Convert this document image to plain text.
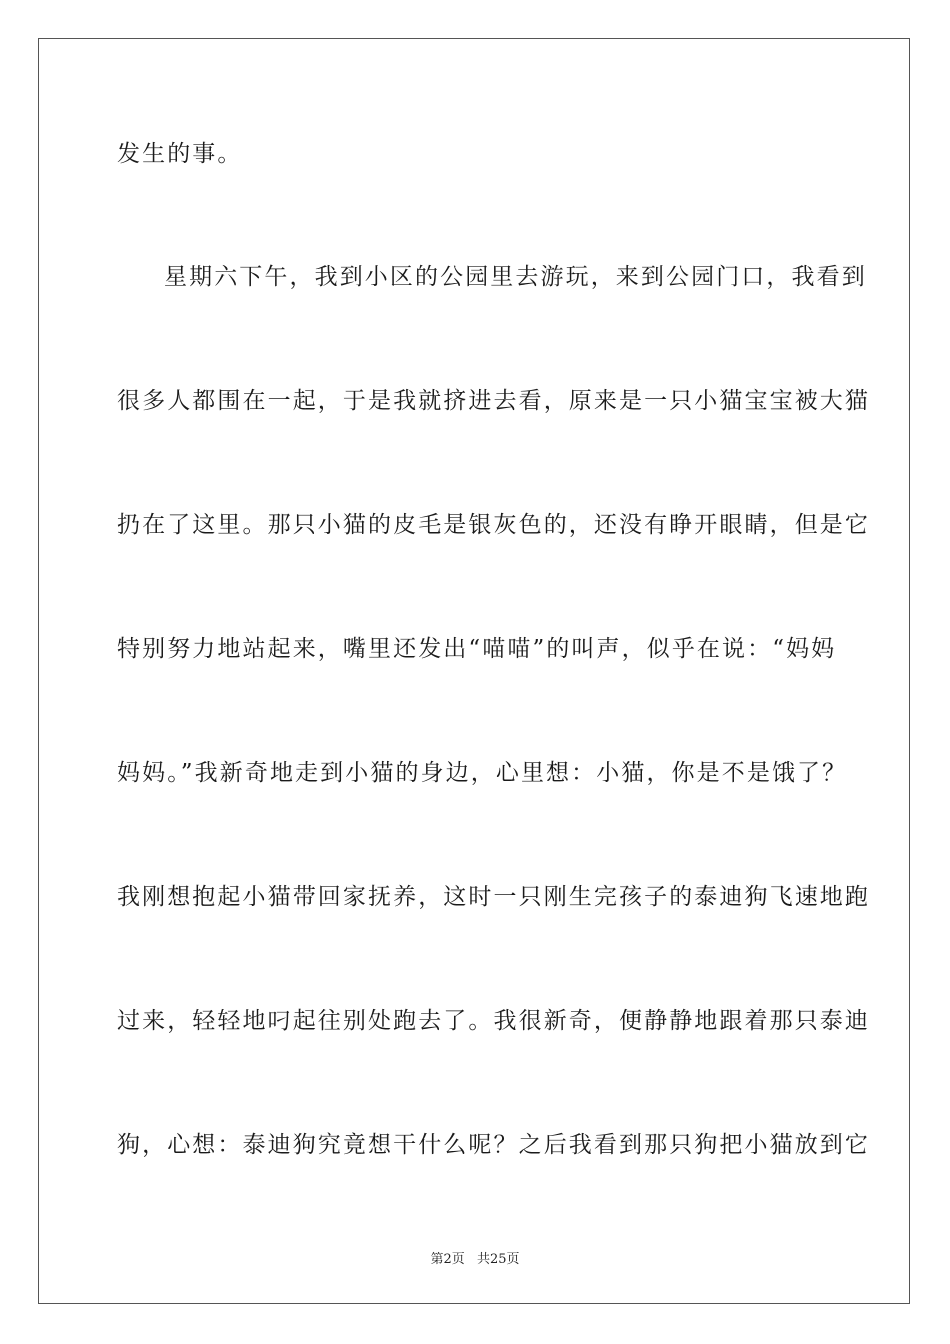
发生的事。
星期六下午，我到小区的公园里去游玩，来到公园门口，我看到
很多人都围在一起，于是我就挤进去看，原来是一只小猫宝宝被大猫
扔在了这里。那只小猫的皮毛是银灰色的，还没有睁开眼睛，但是它
特别努力地站起来，嘴里还发出“喵喵”的叫声，似乎在说：“妈妈
妈妈。”我新奇地走到小猫的身边，心里想：小猫，你是不是饿了？
我刚想抱起小猫带回家抚养，这时一只刚生完孩子的泰迪狗飞速地跑
过来，轻轻地叼起往别处跑去了。我很新奇，便静静地跟着那只泰迪
狗，心想：泰迪狗究竟想干什么呢？之后我看到那只狗把小猫放到它
第2页 共25页
